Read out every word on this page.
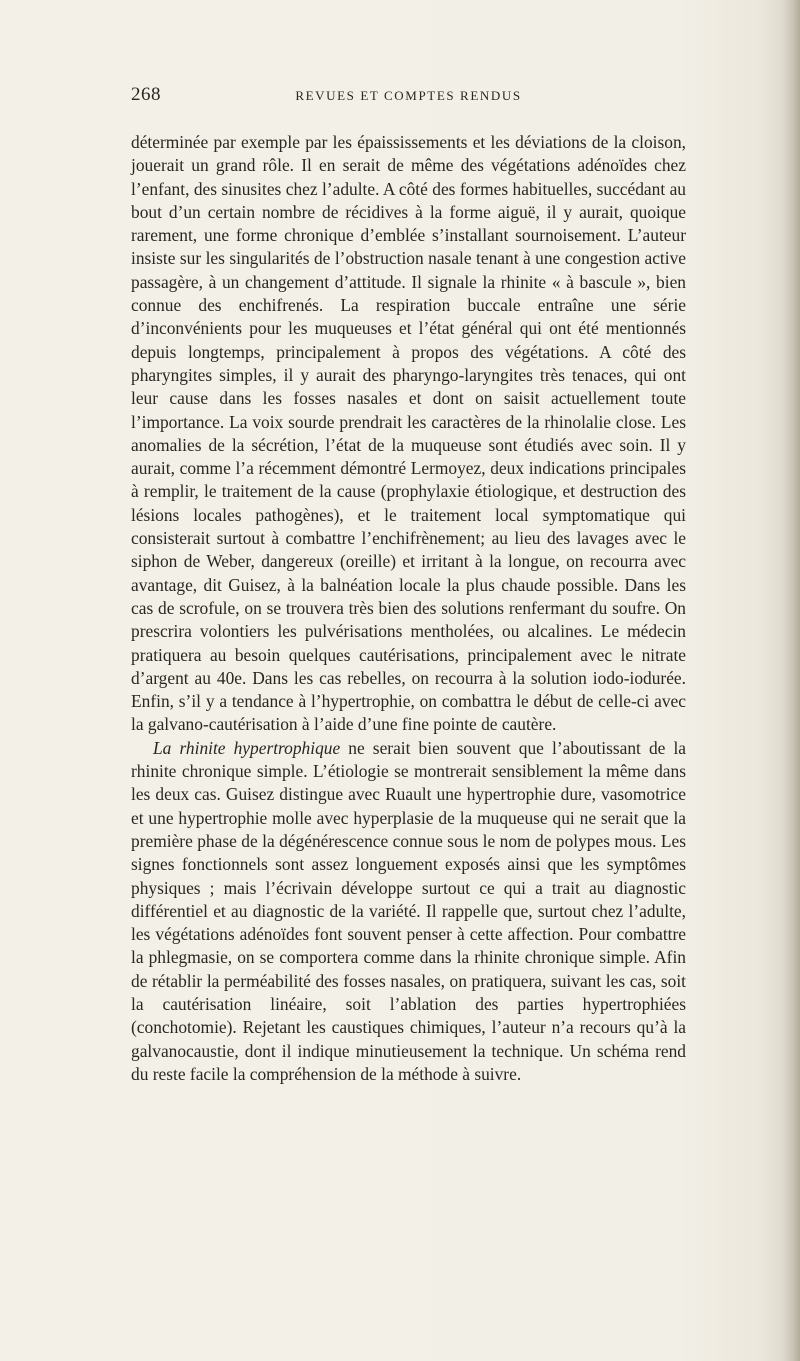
268	REVUES ET COMPTES RENDUS

déterminée par exemple par les épaississements et les déviations de la cloison, jouerait un grand rôle. Il en serait de même des végétations adénoïdes chez l’enfant, des sinusites chez l’adulte. A côté des formes habituelles, succédant au bout d’un certain nombre de récidives à la forme aiguë, il y aurait, quoique rarement, une forme chronique d’emblée s’installant sournoisement. L’auteur insiste sur les singularités de l’obstruction nasale tenant à une congestion active passagère, à un changement d’attitude. Il signale la rhinite « à bascule », bien connue des enchifrenés. La respiration buccale entraîne une série d’inconvénients pour les muqueuses et l’état général qui ont été mentionnés depuis longtemps, principalement à propos des végétations. A côté des pharyngites simples, il y aurait des pharyngo-laryngites très tenaces, qui ont leur cause dans les fosses nasales et dont on saisit actuellement toute l’importance. La voix sourde prendrait les caractères de la rhinolalie close. Les anomalies de la sécrétion, l’état de la muqueuse sont étudiés avec soin. Il y aurait, comme l’a récemment démontré Lermoyez, deux indications principales à remplir, le traitement de la cause (prophylaxie étiologique, et destruction des lésions locales pathogènes), et le traitement local symptomatique qui consisterait surtout à combattre l’enchifrènement; au lieu des lavages avec le siphon de Weber, dangereux (oreille) et irritant à la longue, on recourra avec avantage, dit Guisez, à la balnéation locale la plus chaude possible. Dans les cas de scrofule, on se trouvera très bien des solutions renfermant du soufre. On prescrira volontiers les pulvérisations mentholées, ou alcalines. Le médecin pratiquera au besoin quelques cautérisations, principalement avec le nitrate d’argent au 40e. Dans les cas rebelles, on recourra à la solution iodo-iodurée. Enfin, s’il y a tendance à l’hypertrophie, on combattra le début de celle-ci avec la galvano-cautérisation à l’aide d’une fine pointe de cautère.

La rhinite hypertrophique ne serait bien souvent que l’aboutissant de la rhinite chronique simple. L’étiologie se montrerait sensiblement la même dans les deux cas. Guisez distingue avec Ruault une hypertrophie dure, vasomotrice et une hypertrophie molle avec hyperplasie de la muqueuse qui ne serait que la première phase de la dégénérescence connue sous le nom de polypes mous. Les signes fonctionnels sont assez longuement exposés ainsi que les symptômes physiques ; mais l’écrivain développe surtout ce qui a trait au diagnostic différentiel et au diagnostic de la variété. Il rappelle que, surtout chez l’adulte, les végétations adénoïdes font souvent penser à cette affection. Pour combattre la phlegmasie, on se comportera comme dans la rhinite chronique simple. Afin de rétablir la perméabilité des fosses nasales, on pratiquera, suivant les cas, soit la cautérisation linéaire, soit l’ablation des parties hypertrophiées (conchotomie). Rejetant les caustiques chimiques, l’auteur n’a recours qu’à la galvanocaustie, dont il indique minutieusement la technique. Un schéma rend du reste facile la compréhension de la méthode à suivre.
